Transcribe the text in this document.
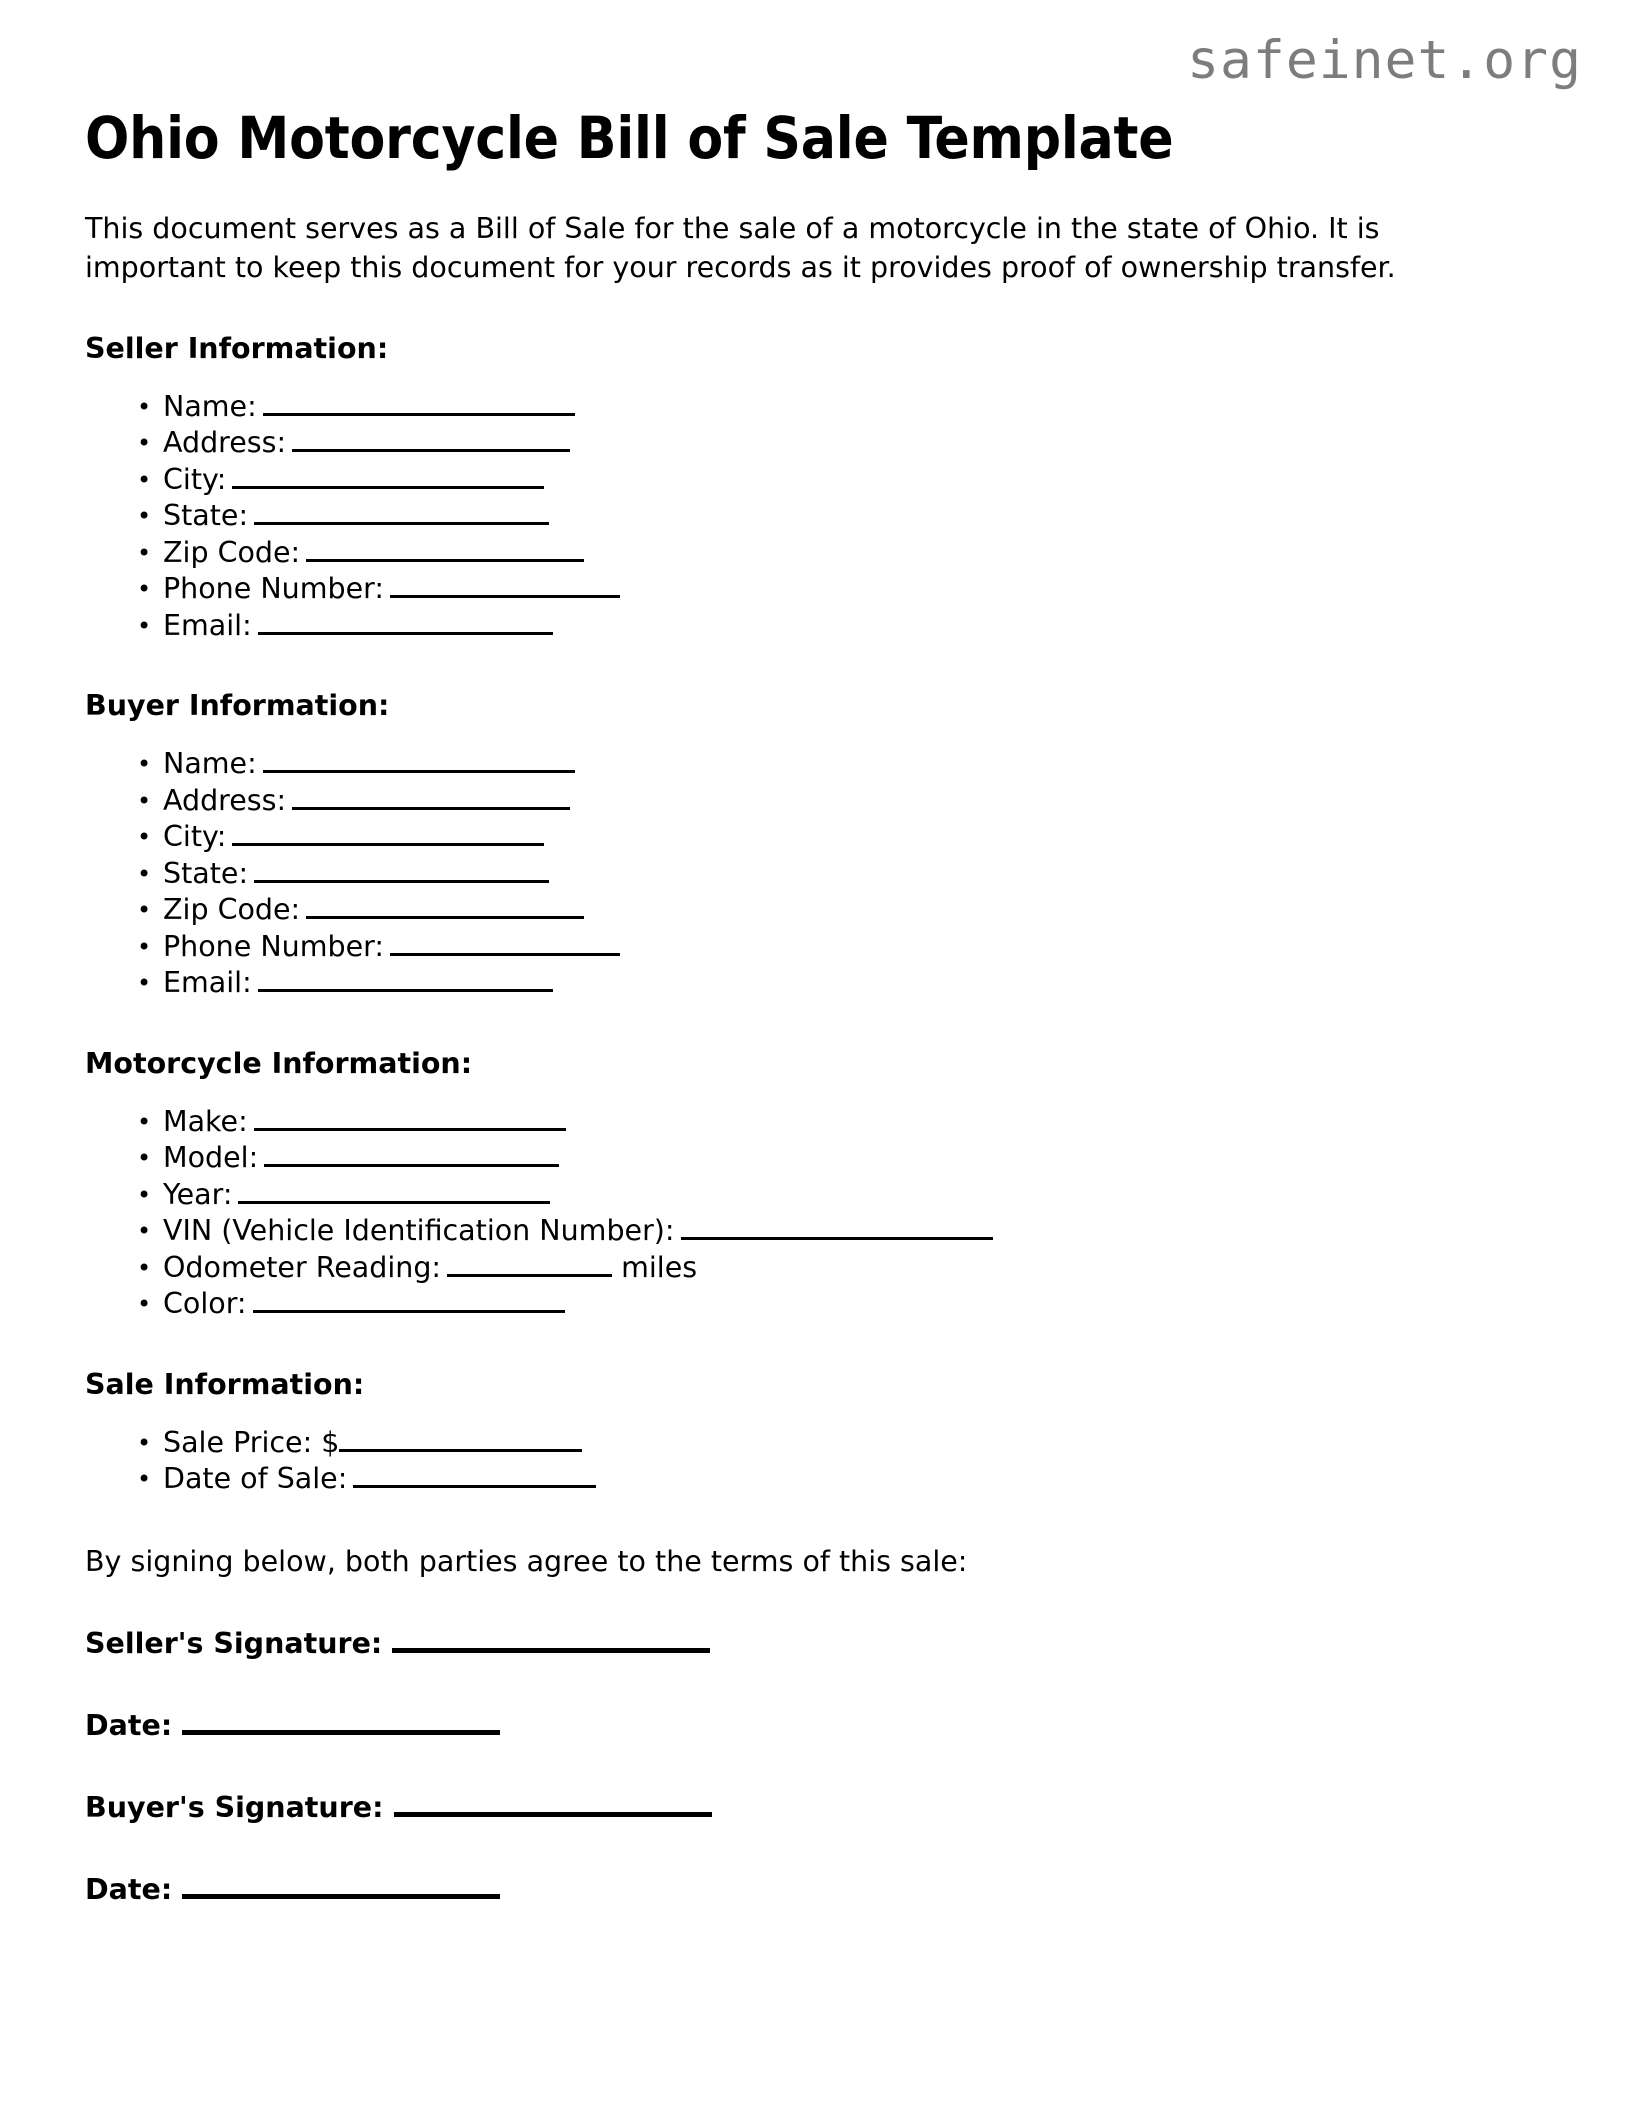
safeinet.org
Ohio Motorcycle Bill of Sale Template

This document serves as a Bill of Sale for the sale of a motorcycle in the state of Ohio. It is important to keep this document for your records as it provides proof of ownership transfer.

Seller Information:
• Name:
• Address:
• City:
• State:
• Zip Code:
• Phone Number:
• Email:
Buyer Information:
• Name:
• Address:
• City:
• State:
• Zip Code:
• Phone Number:
• Email:
Motorcycle Information:
• Make:
• Model:
• Year:
• VIN (Vehicle Identification Number):
• Odometer Reading:	miles
• Color:
Sale Information:
• Sale Price: $
• Date of Sale:

By signing below, both parties agree to the terms of this sale:

Seller's Signature:

Date:

Buyer's Signature:

Date:
